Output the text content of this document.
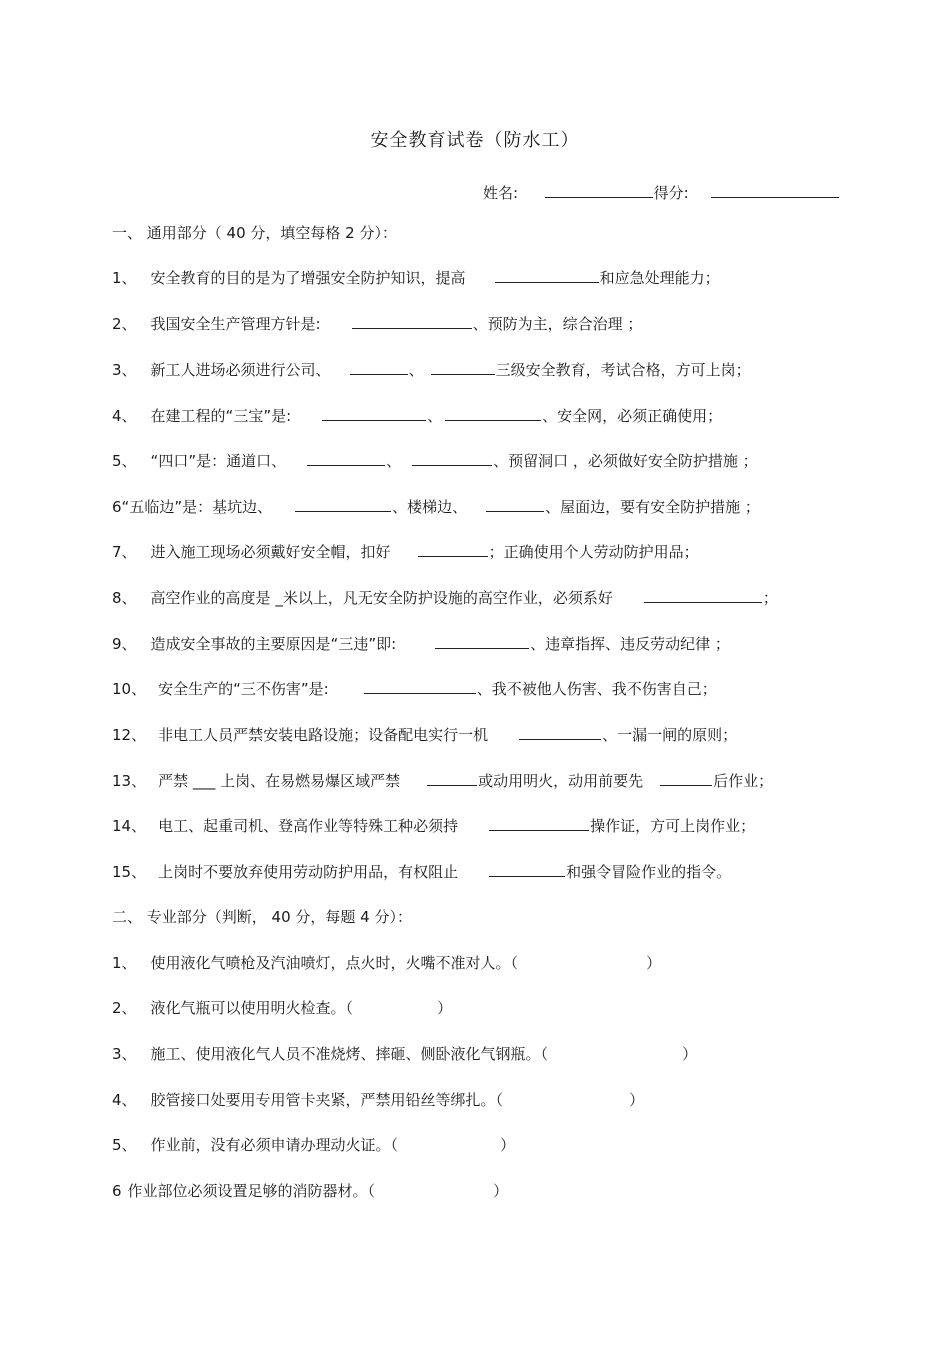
安全教育试卷（防水工）
姓名:	得分:
一、 通用部分（ 40 分，填空每格 2 分）：
1、 安全教育的目的是为了增强安全防护知识，提高	和应急处理能力；
2、 我国安全生产管理方针是:	、预防为主，综合治理 ；
3、 新工人进场必须进行公司、	、	三级安全教育，考试合格，方可上岗；
4、 在建工程的“三宝”是:	、	、安全网，必须正确使用；
5、 “四口”是：通道口、	、	、预留洞口 ，必须做好安全防护措施 ；
6“五临边”是：基坑边、	、楼梯边、	、屋面边，要有安全防护措施 ；
7、 进入施工现场必须戴好安全帽，扣好	；正确使用个人劳动防护用品；
8、 高空作业的高度是 _米以上，凡无安全防护设施的高空作业，必须系好	；
9、 造成安全事故的主要原因是“三违”即:	、违章指挥、违反劳动纪律 ；
10、 安全生产的“三不伤害”是:	、我不被他人伤害、我不伤害自己；
12、 非电工人员严禁安装电路设施；设备配电实行一机	、一漏一闸的原则；
13、 严禁 ___ 上岗、在易燃易爆区域严禁	或动用明火，动用前要先	后作业；
14、 电工、起重司机、登高作业等特殊工种必须持	操作证，方可上岗作业；
15、 上岗时不要放弃使用劳动防护用品，有权阻止	和强令冒险作业的指令。
二、 专业部分（判断， 40 分，每题 4 分）：
1、 使用液化气喷枪及汽油喷灯，点火时，火嘴不准对人。（	）
2、 液化气瓶可以使用明火检查。（	）
3、 施工、使用液化气人员不准烧烤、摔砸、侧卧液化气钢瓶。（	）
4、 胶管接口处要用专用管卡夹紧，严禁用铅丝等绑扎。（	）
5、 作业前，没有必须申请办理动火证。（	）
6 作业部位必须设置足够的消防器材。（	）
